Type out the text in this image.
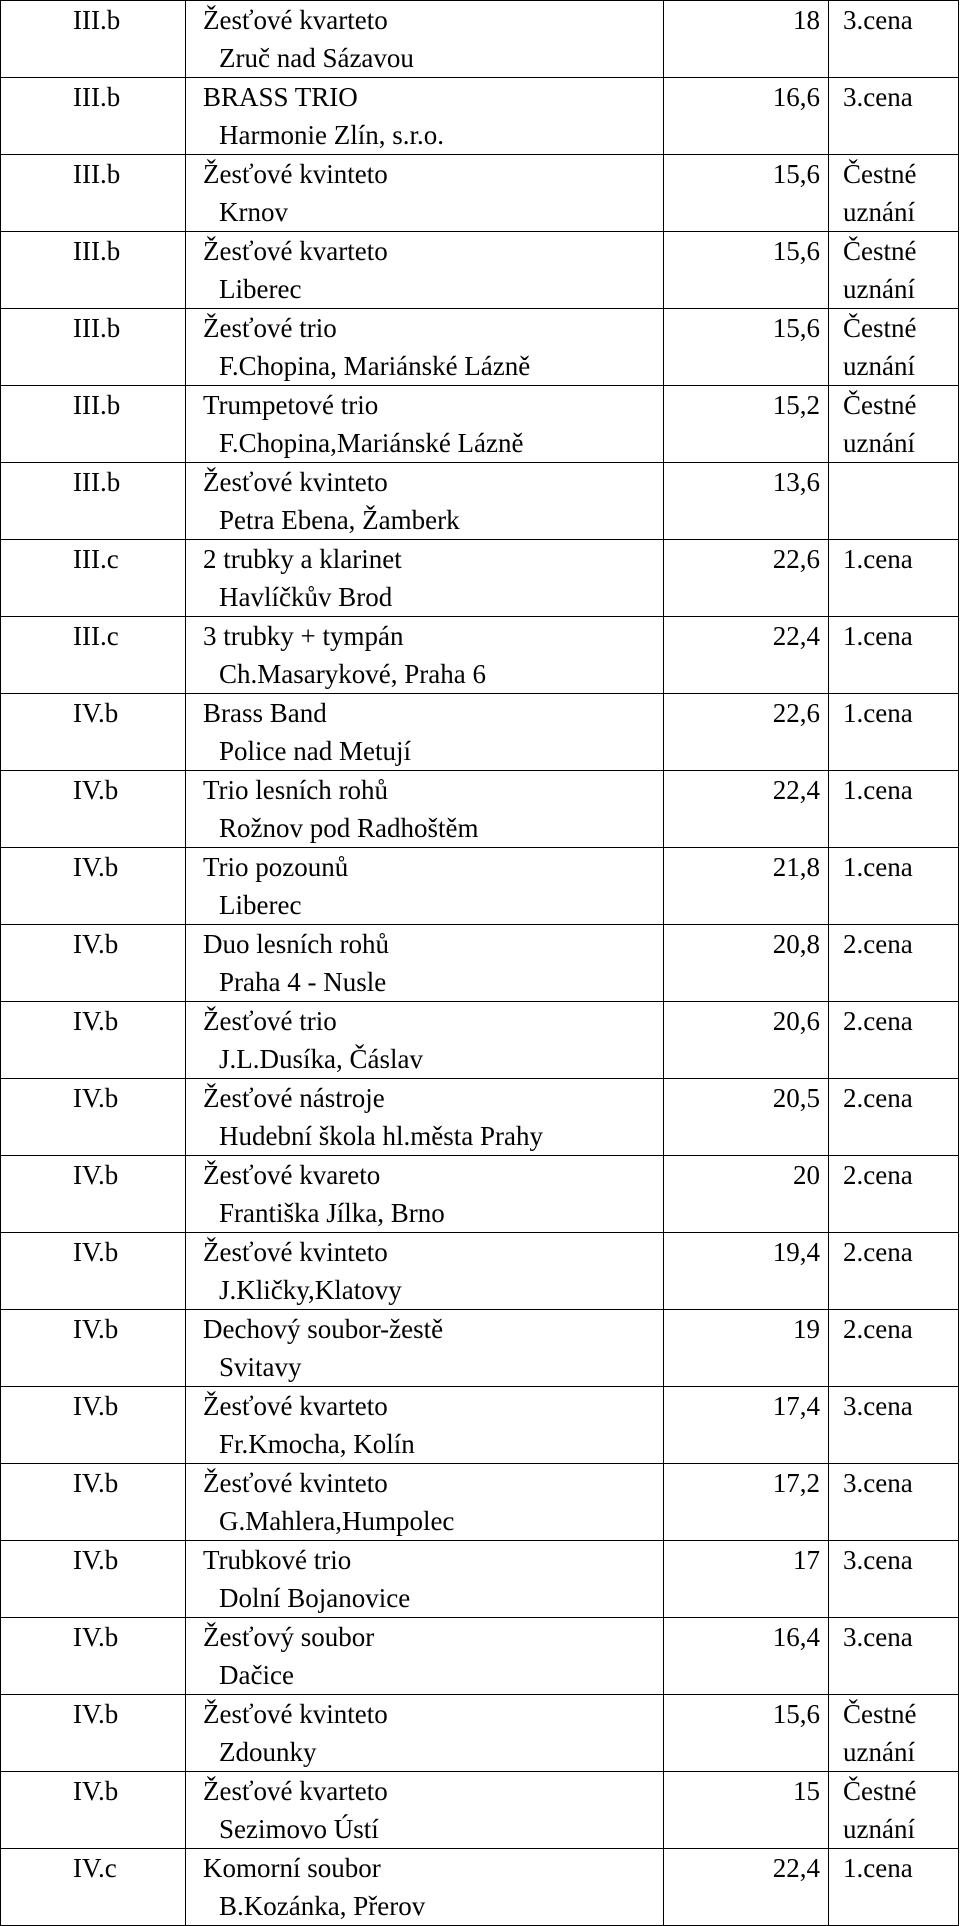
III.b	Žesťové kvarteto
Zruč nad Sázavou	18	3.cena

III.b	BRASS TRIO
Harmonie Zlín, s.r.o.	16,6	3.cena

III.b	Žesťové kvinteto
Krnov	15,6	Čestné uznání

III.b	Žesťové kvarteto
Liberec	15,6	Čestné uznání

III.b	Žesťové trio
F.Chopina, Mariánské Lázně	15,6	Čestné uznání

III.b	Trumpetové trio
F.Chopina,Mariánské Lázně	15,2	Čestné uznání

III.b	Žesťové kvinteto
Petra Ebena, Žamberk	13,6	

III.c	2 trubky a klarinet
Havlíčkův Brod	22,6	1.cena

III.c	3 trubky + tympán
Ch.Masarykové, Praha 6	22,4	1.cena

IV.b	Brass Band
Police nad Metují	22,6	1.cena

IV.b	Trio lesních rohů
Rožnov pod Radhoštěm	22,4	1.cena

IV.b	Trio pozounů
Liberec	21,8	1.cena

IV.b	Duo lesních rohů
Praha 4 - Nusle	20,8	2.cena

IV.b	Žesťové trio
J.L.Dusíka, Čáslav	20,6	2.cena

IV.b	Žesťové nástroje
Hudební škola hl.města Prahy	20,5	2.cena

IV.b	Žesťové kvareto
Františka Jílka, Brno	20	2.cena

IV.b	Žesťové kvinteto
J.Kličky,Klatovy	19,4	2.cena

IV.b	Dechový soubor-žestě
Svitavy	19	2.cena

IV.b	Žesťové kvarteto
Fr.Kmocha, Kolín	17,4	3.cena

IV.b	Žesťové kvinteto
G.Mahlera,Humpolec	17,2	3.cena

IV.b	Trubkové trio
Dolní Bojanovice	17	3.cena

IV.b	Žesťový soubor
Dačice	16,4	3.cena

IV.b	Žesťové kvinteto
Zdounky	15,6	Čestné uznání

IV.b	Žesťové kvarteto
Sezimovo Ústí	15	Čestné uznání

IV.c	Komorní soubor
B.Kozánka, Přerov	22,4	1.cena
